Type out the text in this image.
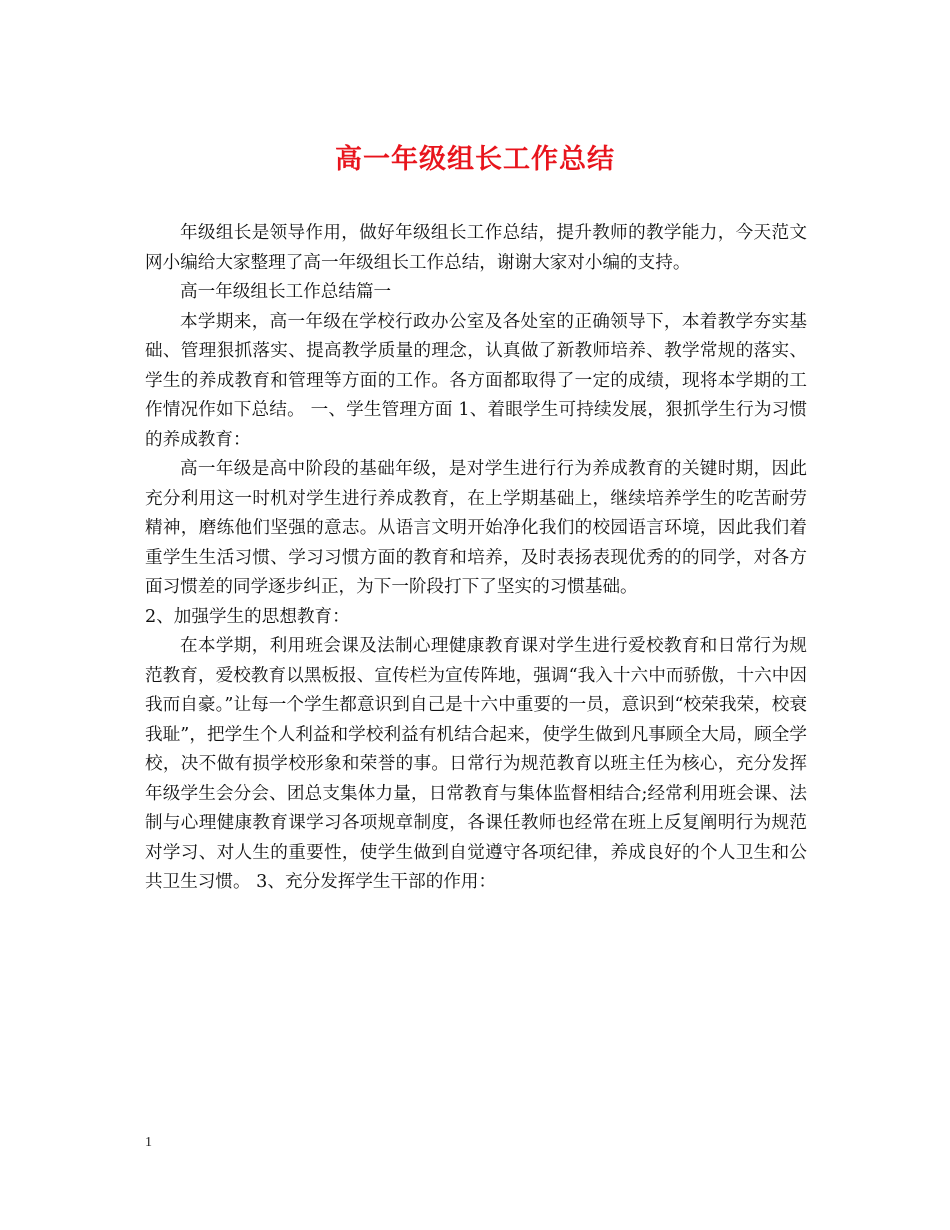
高一年级组长工作总结

年级组长是领导作用，做好年级组长工作总结，提升教师的教学能力，今天范文网小编给大家整理了高一年级组长工作总结，谢谢大家对小编的支持。

高一年级组长工作总结篇一

本学期来，高一年级在学校行政办公室及各处室的正确领导下，本着教学夯实基础、管理狠抓落实、提高教学质量的理念，认真做了新教师培养、教学常规的落实、学生的养成教育和管理等方面的工作。各方面都取得了一定的成绩，现将本学期的工作情况作如下总结。 一、学生管理方面 1、着眼学生可持续发展，狠抓学生行为习惯的养成教育：

高一年级是高中阶段的基础年级，是对学生进行行为养成教育的关键时期，因此充分利用这一时机对学生进行养成教育，在上学期基础上，继续培养学生的吃苦耐劳精神，磨练他们坚强的意志。从语言文明开始净化我们的校园语言环境，因此我们着重学生生活习惯、学习习惯方面的教育和培养，及时表扬表现优秀的的同学，对各方面习惯差的同学逐步纠正，为下一阶段打下了坚实的习惯基础。

2、加强学生的思想教育：

在本学期，利用班会课及法制心理健康教育课对学生进行爱校教育和日常行为规范教育，爱校教育以黑板报、宣传栏为宣传阵地，强调“我入十六中而骄傲，十六中因我而自豪。”让每一个学生都意识到自己是十六中重要的一员，意识到“校荣我荣，校衰我耻”，把学生个人利益和学校利益有机结合起来，使学生做到凡事顾全大局，顾全学校，决不做有损学校形象和荣誉的事。日常行为规范教育以班主任为核心，充分发挥年级学生会分会、团总支集体力量，日常教育与集体监督相结合;经常利用班会课、法制与心理健康教育课学习各项规章制度，各课任教师也经常在班上反复阐明行为规范对学习、对人生的重要性，使学生做到自觉遵守各项纪律，养成良好的个人卫生和公共卫生习惯。 3、充分发挥学生干部的作用：

1
